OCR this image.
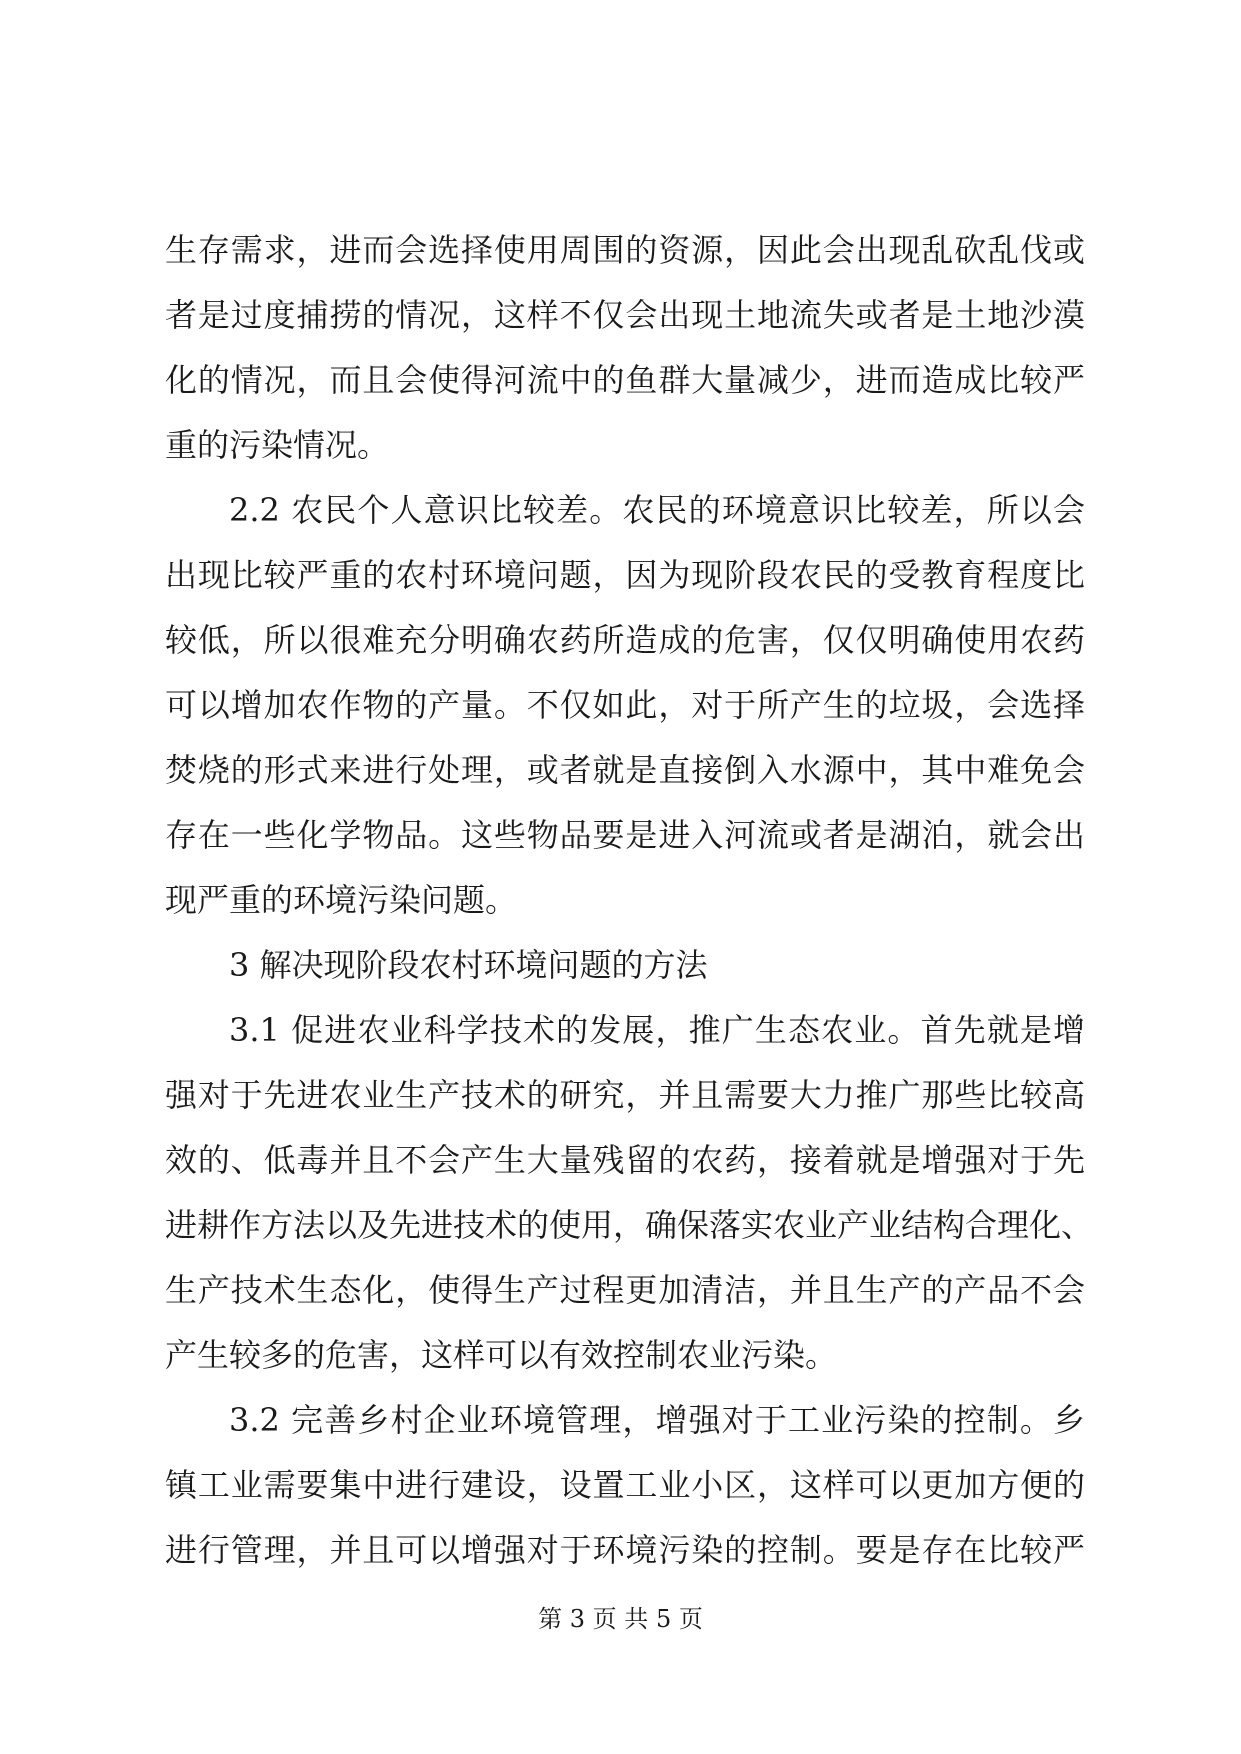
生存需求，进而会选择使用周围的资源，因此会出现乱砍乱伐或
者是过度捕捞的情况，这样不仅会出现土地流失或者是土地沙漠
化的情况，而且会使得河流中的鱼群大量减少，进而造成比较严
重的污染情况。
2.2 农民个人意识比较差。农民的环境意识比较差，所以会
出现比较严重的农村环境问题，因为现阶段农民的受教育程度比
较低，所以很难充分明确农药所造成的危害，仅仅明确使用农药
可以增加农作物的产量。不仅如此，对于所产生的垃圾，会选择
焚烧的形式来进行处理，或者就是直接倒入水源中，其中难免会
存在一些化学物品。这些物品要是进入河流或者是湖泊，就会出
现严重的环境污染问题。
3 解决现阶段农村环境问题的方法
3.1 促进农业科学技术的发展，推广生态农业。首先就是增
强对于先进农业生产技术的研究，并且需要大力推广那些比较高
效的、低毒并且不会产生大量残留的农药，接着就是增强对于先
进耕作方法以及先进技术的使用，确保落实农业产业结构合理化、
生产技术生态化，使得生产过程更加清洁，并且生产的产品不会
产生较多的危害，这样可以有效控制农业污染。
3.2 完善乡村企业环境管理，增强对于工业污染的控制。乡
镇工业需要集中进行建设，设置工业小区，这样可以更加方便的
进行管理，并且可以增强对于环境污染的控制。要是存在比较严
第 3 页 共 5 页
